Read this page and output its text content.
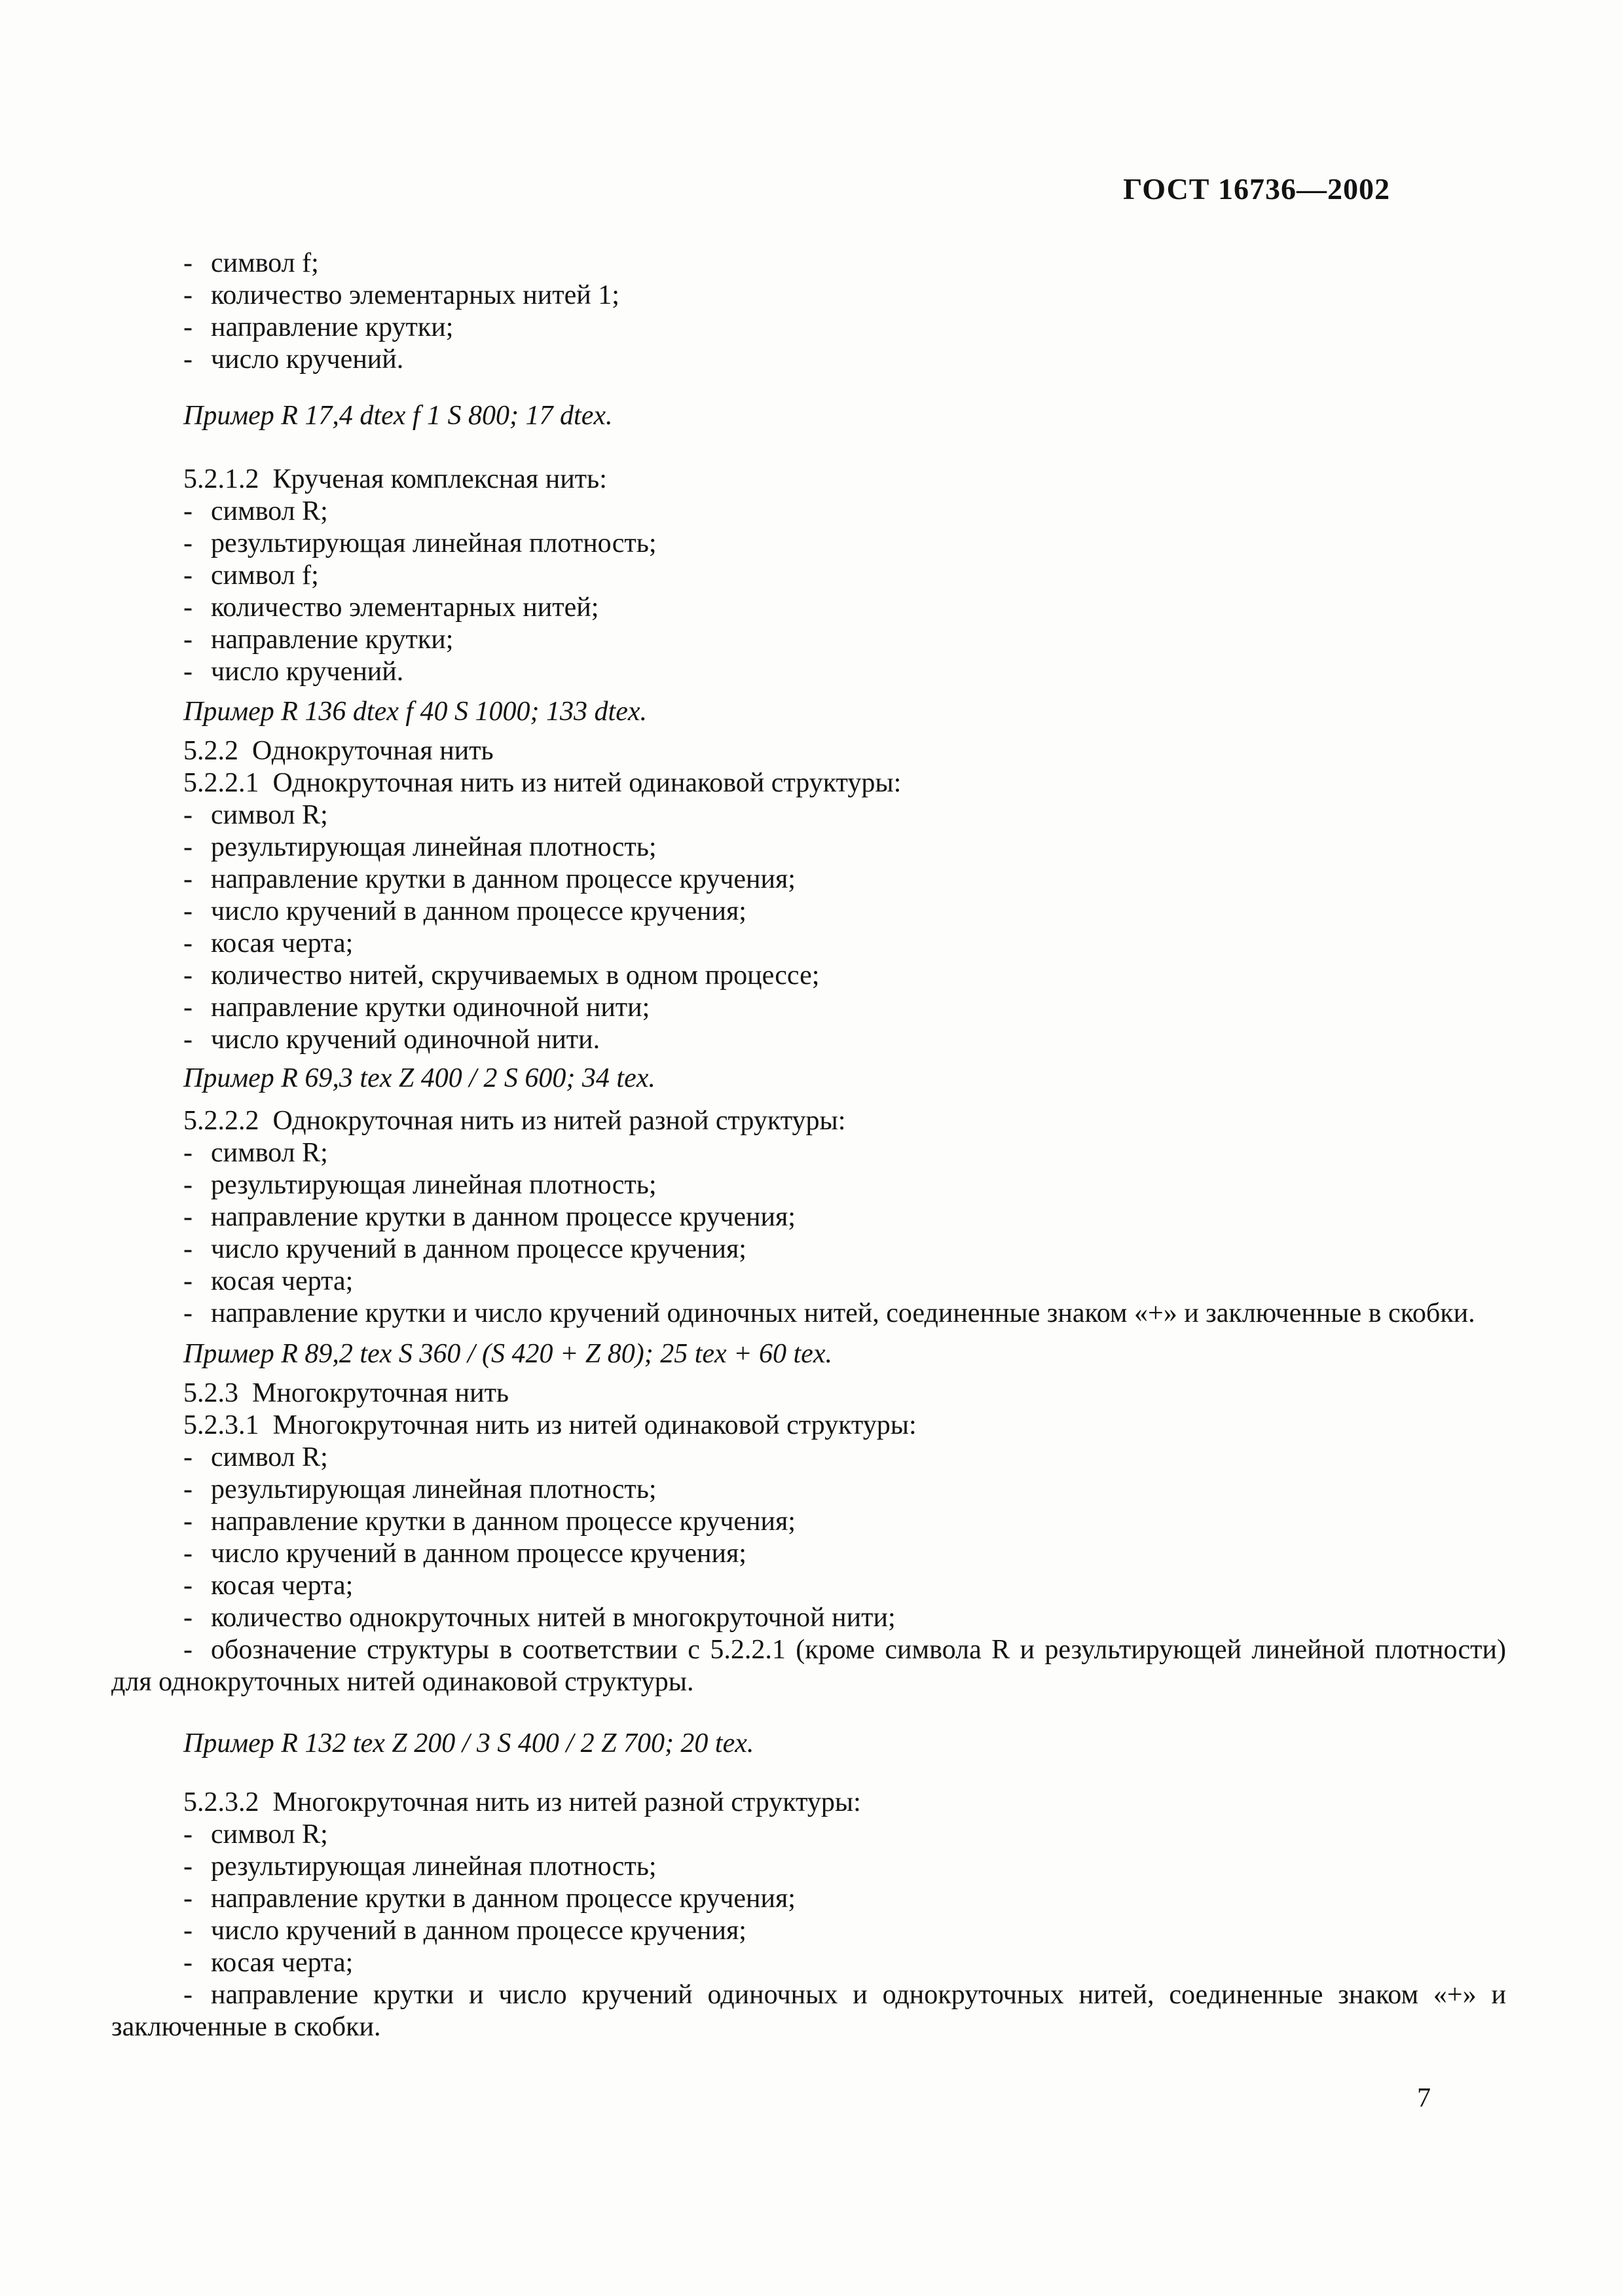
ГОСТ 16736—2002

- символ f;

- количество элементарных нитей 1;

- направление крутки;

- число кручений.

Пример R 17,4 dtex f 1 S 800; 17 dtex.

5.2.1.2  Крученая комплексная нить:

- символ R;

- результирующая линейная плотность;

- символ f;

- количество элементарных нитей;

- направление крутки;

- число кручений.

Пример R 136 dtex f 40 S 1000; 133 dtex.

5.2.2  Однокруточная нить

5.2.2.1  Однокруточная нить из нитей одинаковой структуры:

- символ R;

- результирующая линейная плотность;

- направление крутки в данном процессе кручения;

- число кручений в данном процессе кручения;

- косая черта;

- количество нитей, скручиваемых в одном процессе;

- направление крутки одиночной нити;

- число кручений одиночной нити.

Пример R 69,3 tex Z 400 / 2 S 600; 34 tex.

5.2.2.2  Однокруточная нить из нитей разной структуры:

- символ R;

- результирующая линейная плотность;

- направление крутки в данном процессе кручения;

- число кручений в данном процессе кручения;

- косая черта;

- направление крутки и число кручений одиночных нитей, соединенные знаком «+» и заключенные в скобки.

Пример R 89,2 tex S 360 / (S 420 + Z 80); 25 tex + 60 tex.

5.2.3  Многокруточная нить

5.2.3.1  Многокруточная нить из нитей одинаковой структуры:

- символ R;

- результирующая линейная плотность;

- направление крутки в данном процессе кручения;

- число кручений в данном процессе кручения;

- косая черта;

- количество однокруточных нитей в многокруточной нити;

- обозначение структуры в соответствии с 5.2.2.1 (кроме символа R и результирующей линейной плотности) для однокруточных нитей одинаковой структуры.

Пример R 132 tex Z 200 / 3 S 400 / 2 Z 700; 20 tex.

5.2.3.2  Многокруточная нить из нитей разной структуры:

- символ R;

- результирующая линейная плотность;

- направление крутки в данном процессе кручения;

- число кручений в данном процессе кручения;

- косая черта;

- направление крутки и число кручений одиночных и однокруточных нитей, соединенные знаком «+» и заключенные в скобки.

7
